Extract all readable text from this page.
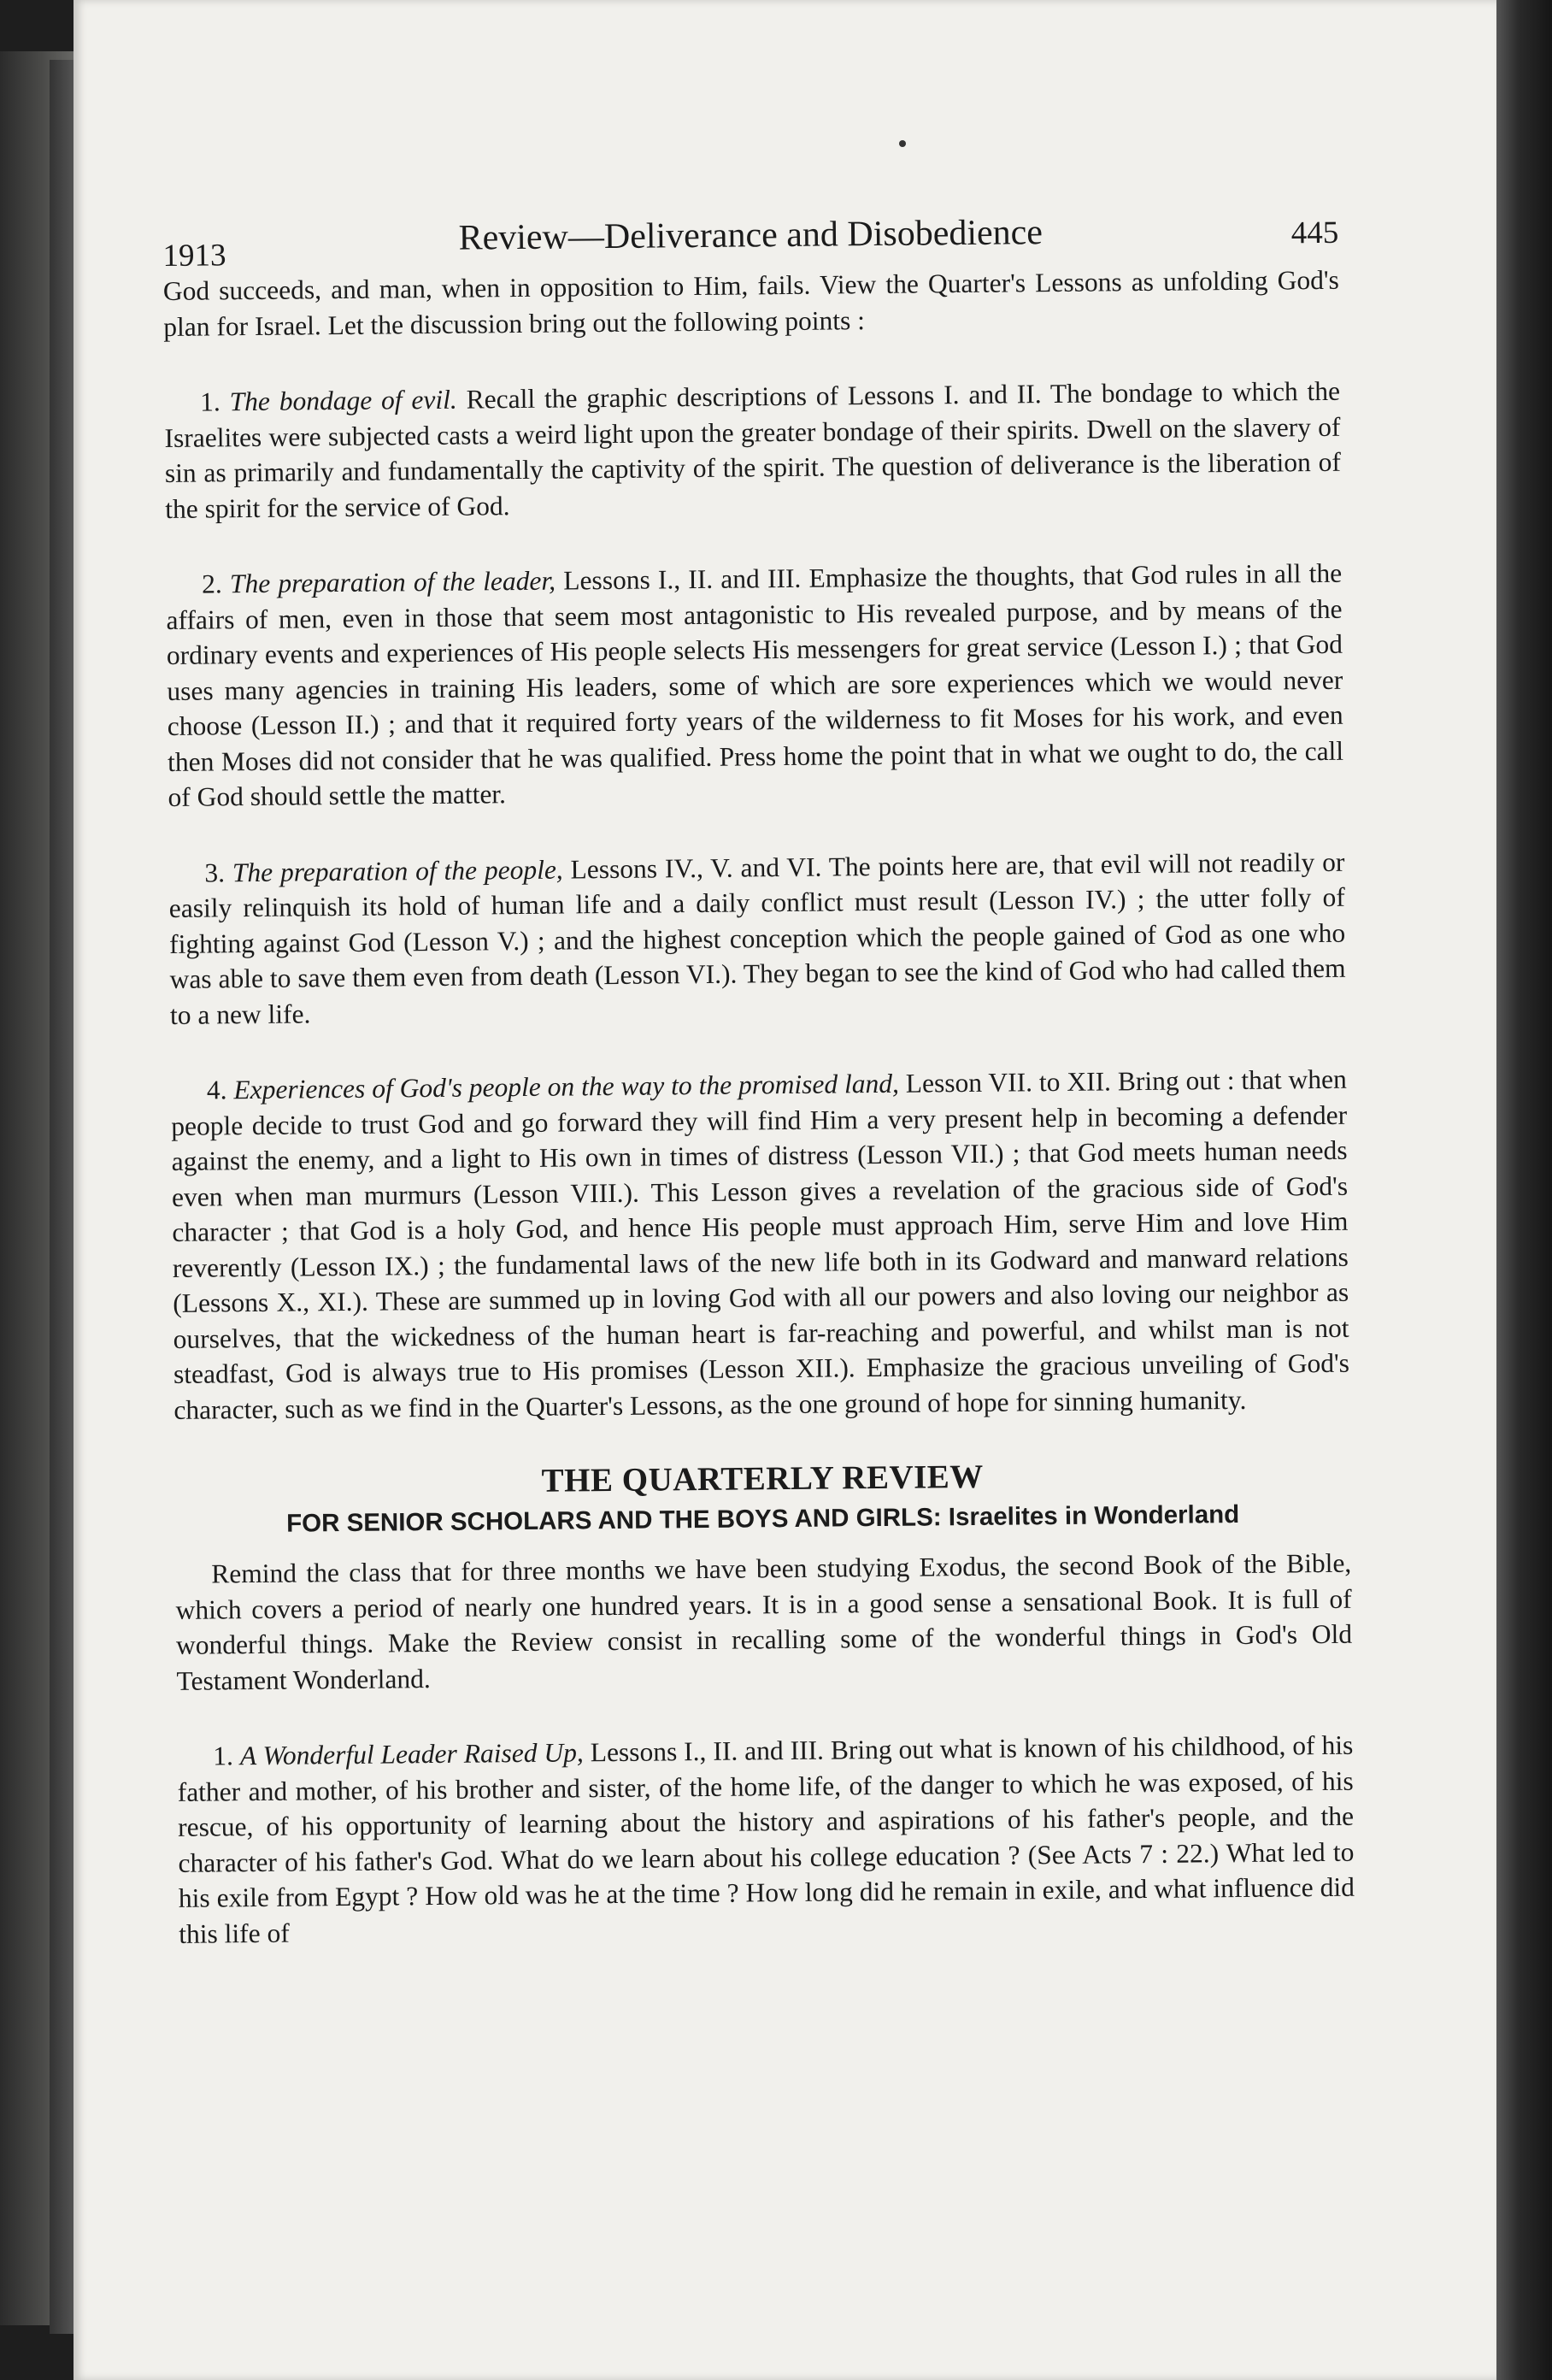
1913	Review—Deliverance and Disobedience	445

God succeeds, and man, when in opposition to Him, fails. View the Quarter's Lessons as unfolding God's plan for Israel. Let the discussion bring out the following points :

1. The bondage of evil. Recall the graphic descriptions of Lessons I. and II. The bondage to which the Israelites were subjected casts a weird light upon the greater bondage of their spirits. Dwell on the slavery of sin as primarily and fundamentally the captivity of the spirit. The question of deliverance is the liberation of the spirit for the service of God.

2. The preparation of the leader, Lessons I., II. and III. Emphasize the thoughts, that God rules in all the affairs of men, even in those that seem most antagonistic to His revealed purpose, and by means of the ordinary events and experiences of His people selects His messengers for great service (Lesson I.) ; that God uses many agencies in training His leaders, some of which are sore experiences which we would never choose (Lesson II.) ; and that it required forty years of the wilderness to fit Moses for his work, and even then Moses did not consider that he was qualified. Press home the point that in what we ought to do, the call of God should settle the matter.

3. The preparation of the people, Lessons IV., V. and VI. The points here are, that evil will not readily or easily relinquish its hold of human life and a daily conflict must result (Lesson IV.) ; the utter folly of fighting against God (Lesson V.) ; and the highest conception which the people gained of God as one who was able to save them even from death (Lesson VI.). They began to see the kind of God who had called them to a new life.

4. Experiences of God's people on the way to the promised land, Lesson VII. to XII. Bring out : that when people decide to trust God and go forward they will find Him a very present help in becoming a defender against the enemy, and a light to His own in times of distress (Lesson VII.) ; that God meets human needs even when man murmurs (Lesson VIII.). This Lesson gives a revelation of the gracious side of God's character ; that God is a holy God, and hence His people must approach Him, serve Him and love Him reverently (Lesson IX.) ; the fundamental laws of the new life both in its Godward and manward relations (Lessons X., XI.). These are summed up in loving God with all our powers and also loving our neighbor as ourselves, that the wickedness of the human heart is far-reaching and powerful, and whilst man is not steadfast, God is always true to His promises (Lesson XII.). Emphasize the gracious unveiling of God's character, such as we find in the Quarter's Lessons, as the one ground of hope for sinning humanity.

THE QUARTERLY REVIEW
FOR SENIOR SCHOLARS AND THE BOYS AND GIRLS: Israelites in Wonderland

Remind the class that for three months we have been studying Exodus, the second Book of the Bible, which covers a period of nearly one hundred years. It is in a good sense a sensational Book. It is full of wonderful things. Make the Review consist in recalling some of the wonderful things in God's Old Testament Wonderland.

1. A Wonderful Leader Raised Up, Lessons I., II. and III. Bring out what is known of his childhood, of his father and mother, of his brother and sister, of the home life, of the danger to which he was exposed, of his rescue, of his opportunity of learning about the history and aspirations of his father's people, and the character of his father's God. What do we learn about his college education ? (See Acts 7 : 22.) What led to his exile from Egypt ? How old was he at the time ? How long did he remain in exile, and what influence did this life of
